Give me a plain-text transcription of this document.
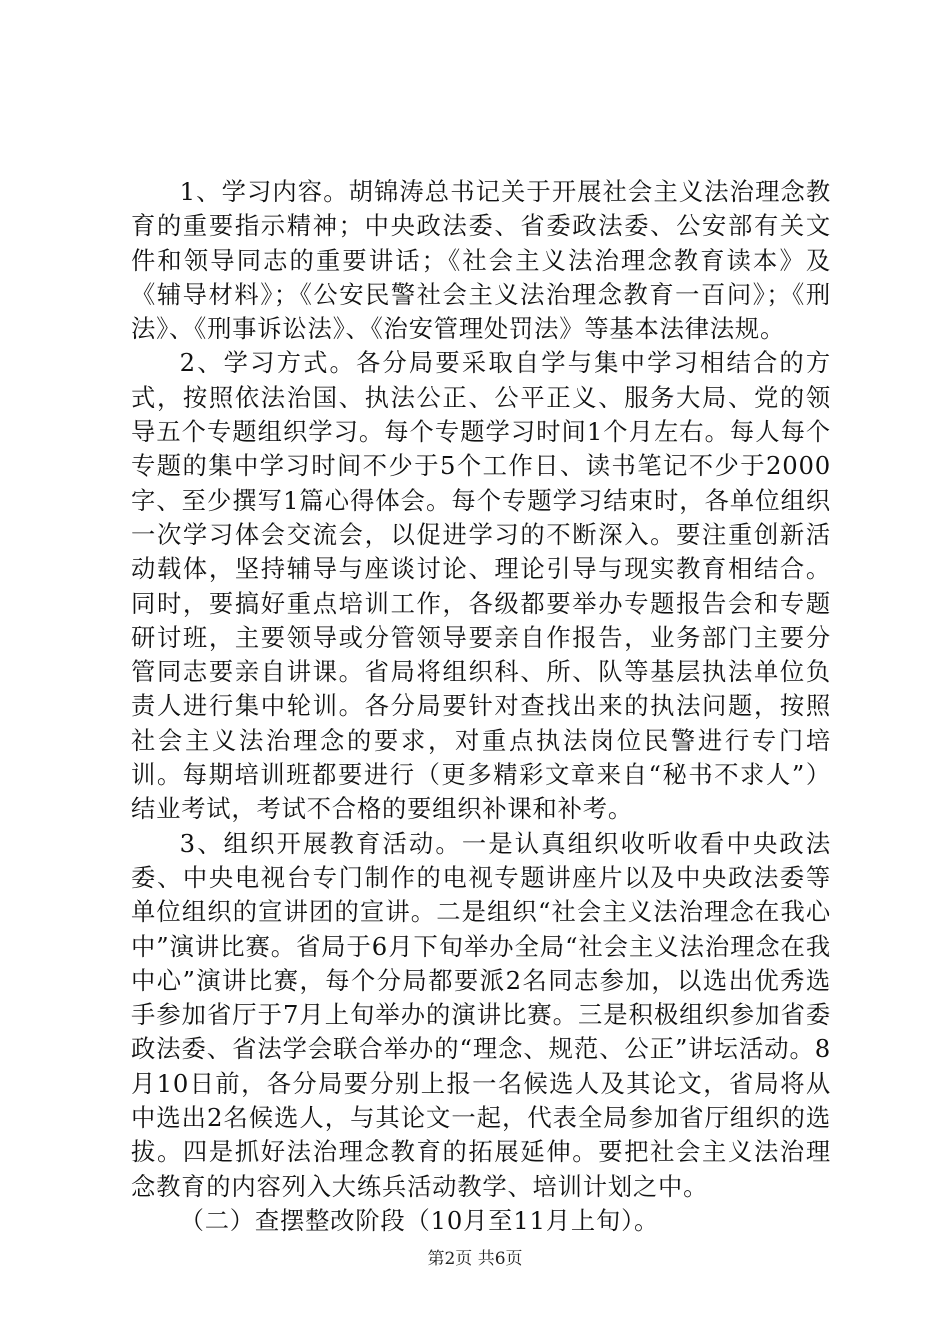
1、学习内容。胡锦涛总书记关于开展社会主义法治理念教育的重要指示精神；中央政法委、省委政法委、公安部有关文件和领导同志的重要讲话；《社会主义法治理念教育读本》及《辅导材料》；《公安民警社会主义法治理念教育一百问》；《刑法》、《刑事诉讼法》、《治安管理处罚法》等基本法律法规。

2、学习方式。各分局要采取自学与集中学习相结合的方式，按照依法治国、执法公正、公平正义、服务大局、党的领导五个专题组织学习。每个专题学习时间1个月左右。每人每个专题的集中学习时间不少于5个工作日、读书笔记不少于2000字、至少撰写1篇心得体会。每个专题学习结束时，各单位组织一次学习体会交流会，以促进学习的不断深入。要注重创新活动载体，坚持辅导与座谈讨论、理论引导与现实教育相结合。同时，要搞好重点培训工作，各级都要举办专题报告会和专题研讨班，主要领导或分管领导要亲自作报告，业务部门主要分管同志要亲自讲课。省局将组织科、所、队等基层执法单位负责人进行集中轮训。各分局要针对查找出来的执法问题，按照社会主义法治理念的要求，对重点执法岗位民警进行专门培训。每期培训班都要进行（更多精彩文章来自“秘书不求人”）结业考试，考试不合格的要组织补课和补考。

3、组织开展教育活动。一是认真组织收听收看中央政法委、中央电视台专门制作的电视专题讲座片以及中央政法委等单位组织的宣讲团的宣讲。二是组织“社会主义法治理念在我心中”演讲比赛。省局于6月下旬举办全局“社会主义法治理念在我中心”演讲比赛，每个分局都要派2名同志参加，以选出优秀选手参加省厅于7月上旬举办的演讲比赛。三是积极组织参加省委政法委、省法学会联合举办的“理念、规范、公正”讲坛活动。8月10日前，各分局要分别上报一名候选人及其论文，省局将从中选出2名候选人，与其论文一起，代表全局参加省厅组织的选拔。四是抓好法治理念教育的拓展延伸。要把社会主义法治理念教育的内容列入大练兵活动教学、培训计划之中。

（二）查摆整改阶段（10月至11月上旬）。

第2页 共6页
